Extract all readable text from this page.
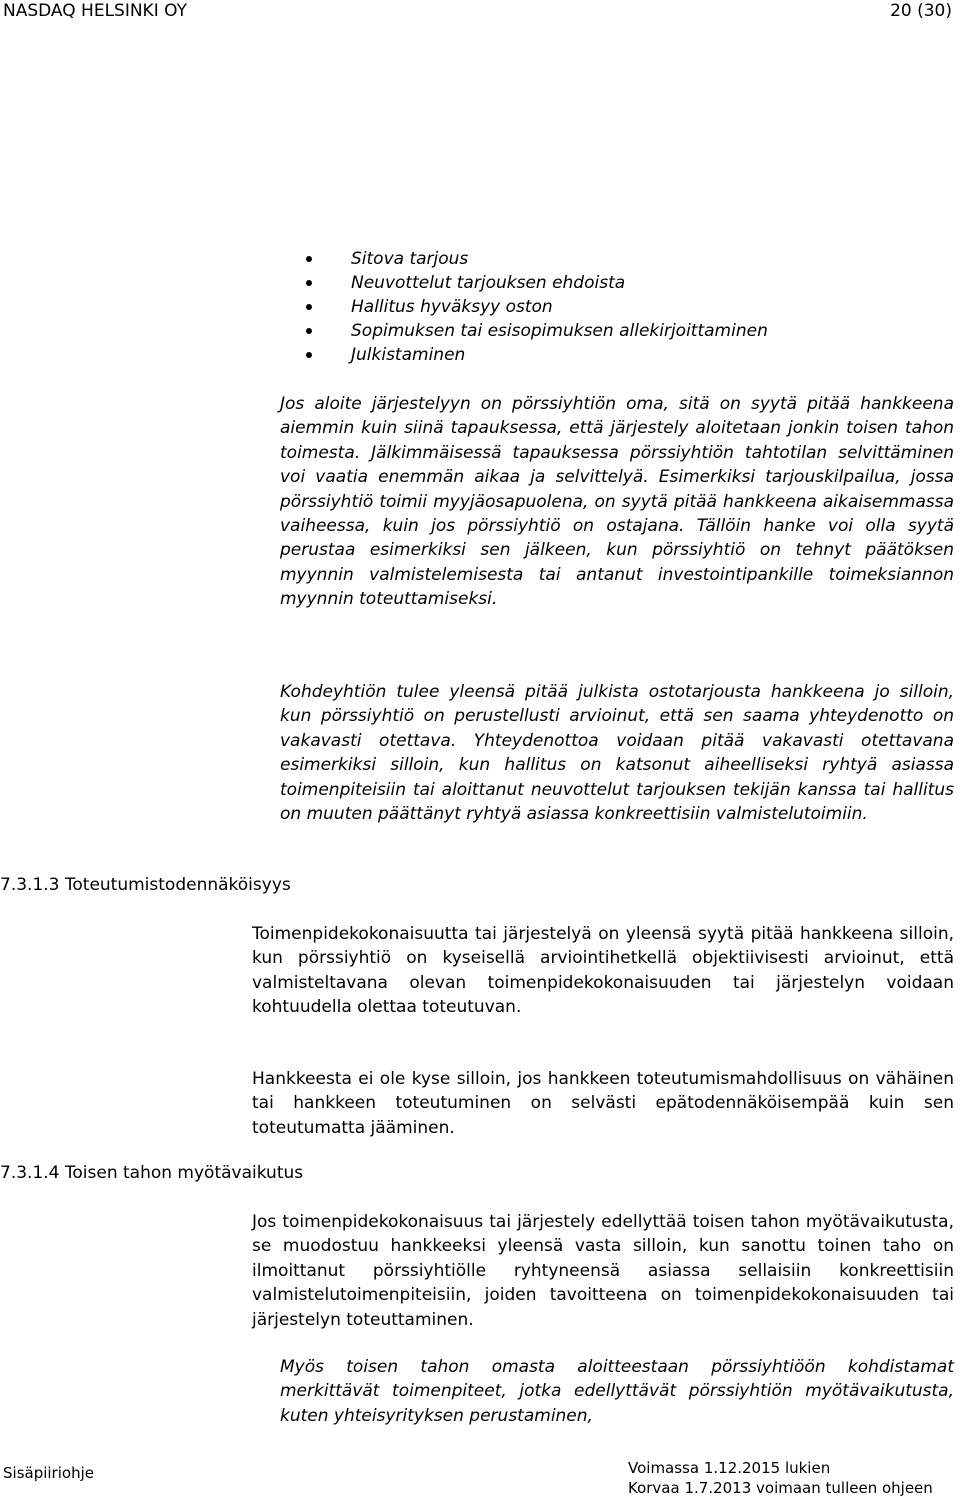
NASDAQ HELSINKI OY	20 (30)
Sitova tarjous
Neuvottelut tarjouksen ehdoista
Hallitus hyväksyy oston
Sopimuksen tai esisopimuksen allekirjoittaminen
Julkistaminen

Jos aloite järjestelyyn on pörssiyhtiön oma, sitä on syytä pitää hankkeena aiemmin kuin siinä tapauksessa, että järjestely aloitetaan jonkin toisen tahon toimesta. Jälkimmäisessä tapauksessa pörssiyhtiön tahtotilan selvittäminen voi vaatia enemmän aikaa ja selvittelyä. Esimerkiksi tarjouskilpailua, jossa pörssiyhtiö toimii myyjäosapuolena, on syytä pitää hankkeena aikaisemmassa vaiheessa, kuin jos pörssiyhtiö on ostajana. Tällöin hanke voi olla syytä perustaa esimerkiksi sen jälkeen, kun pörssiyhtiö on tehnyt päätöksen myynnin valmistelemisesta tai antanut investointipankille toimeksiannon myynnin toteuttamiseksi.

Kohdeyhtiön tulee yleensä pitää julkista ostotarjousta hankkeena jo silloin, kun pörssiyhtiö on perustellusti arvioinut, että sen saama yhteydenotto on vakavasti otettava. Yhteydenottoa voidaan pitää vakavasti otettavana esimerkiksi silloin, kun hallitus on katsonut aiheelliseksi ryhtyä asiassa toimenpiteisiin tai aloittanut neuvottelut tarjouksen tekijän kanssa tai hallitus on muuten päättänyt ryhtyä asiassa konkreettisiin valmistelutoimiin.

7.3.1.3 Toteutumistodennäköisyys

Toimenpidekokonaisuutta tai järjestelyä on yleensä syytä pitää hankkeena silloin, kun pörssiyhtiö on kyseisellä arviointihetkellä objektiivisesti arvioinut, että valmisteltavana olevan toimenpidekokonaisuuden tai järjestelyn voidaan kohtuudella olettaa toteutuvan.

Hankkeesta ei ole kyse silloin, jos hankkeen toteutumismahdollisuus on vähäinen tai hankkeen toteutuminen on selvästi epätodennäköisempää kuin sen toteutumatta jääminen.

7.3.1.4 Toisen tahon myötävaikutus

Jos toimenpidekokonaisuus tai järjestely edellyttää toisen tahon myötävaikutusta, se muodostuu hankkeeksi yleensä vasta silloin, kun sanottu toinen taho on ilmoittanut pörssiyhtiölle ryhtyneensä asiassa sellaisiin konkreettisiin valmistelutoimenpiteisiin, joiden tavoitteena on toimenpidekokonaisuuden tai järjestelyn toteuttaminen.

Myös toisen tahon omasta aloitteestaan pörssiyhtiöön kohdistamat merkittävät toimenpiteet, jotka edellyttävät pörssiyhtiön myötävaikutusta, kuten yhteisyrityksen perustaminen,

Sisäpiiriohje	Voimassa 1.12.2015 lukien
Korvaa 1.7.2013 voimaan tulleen ohjeen
